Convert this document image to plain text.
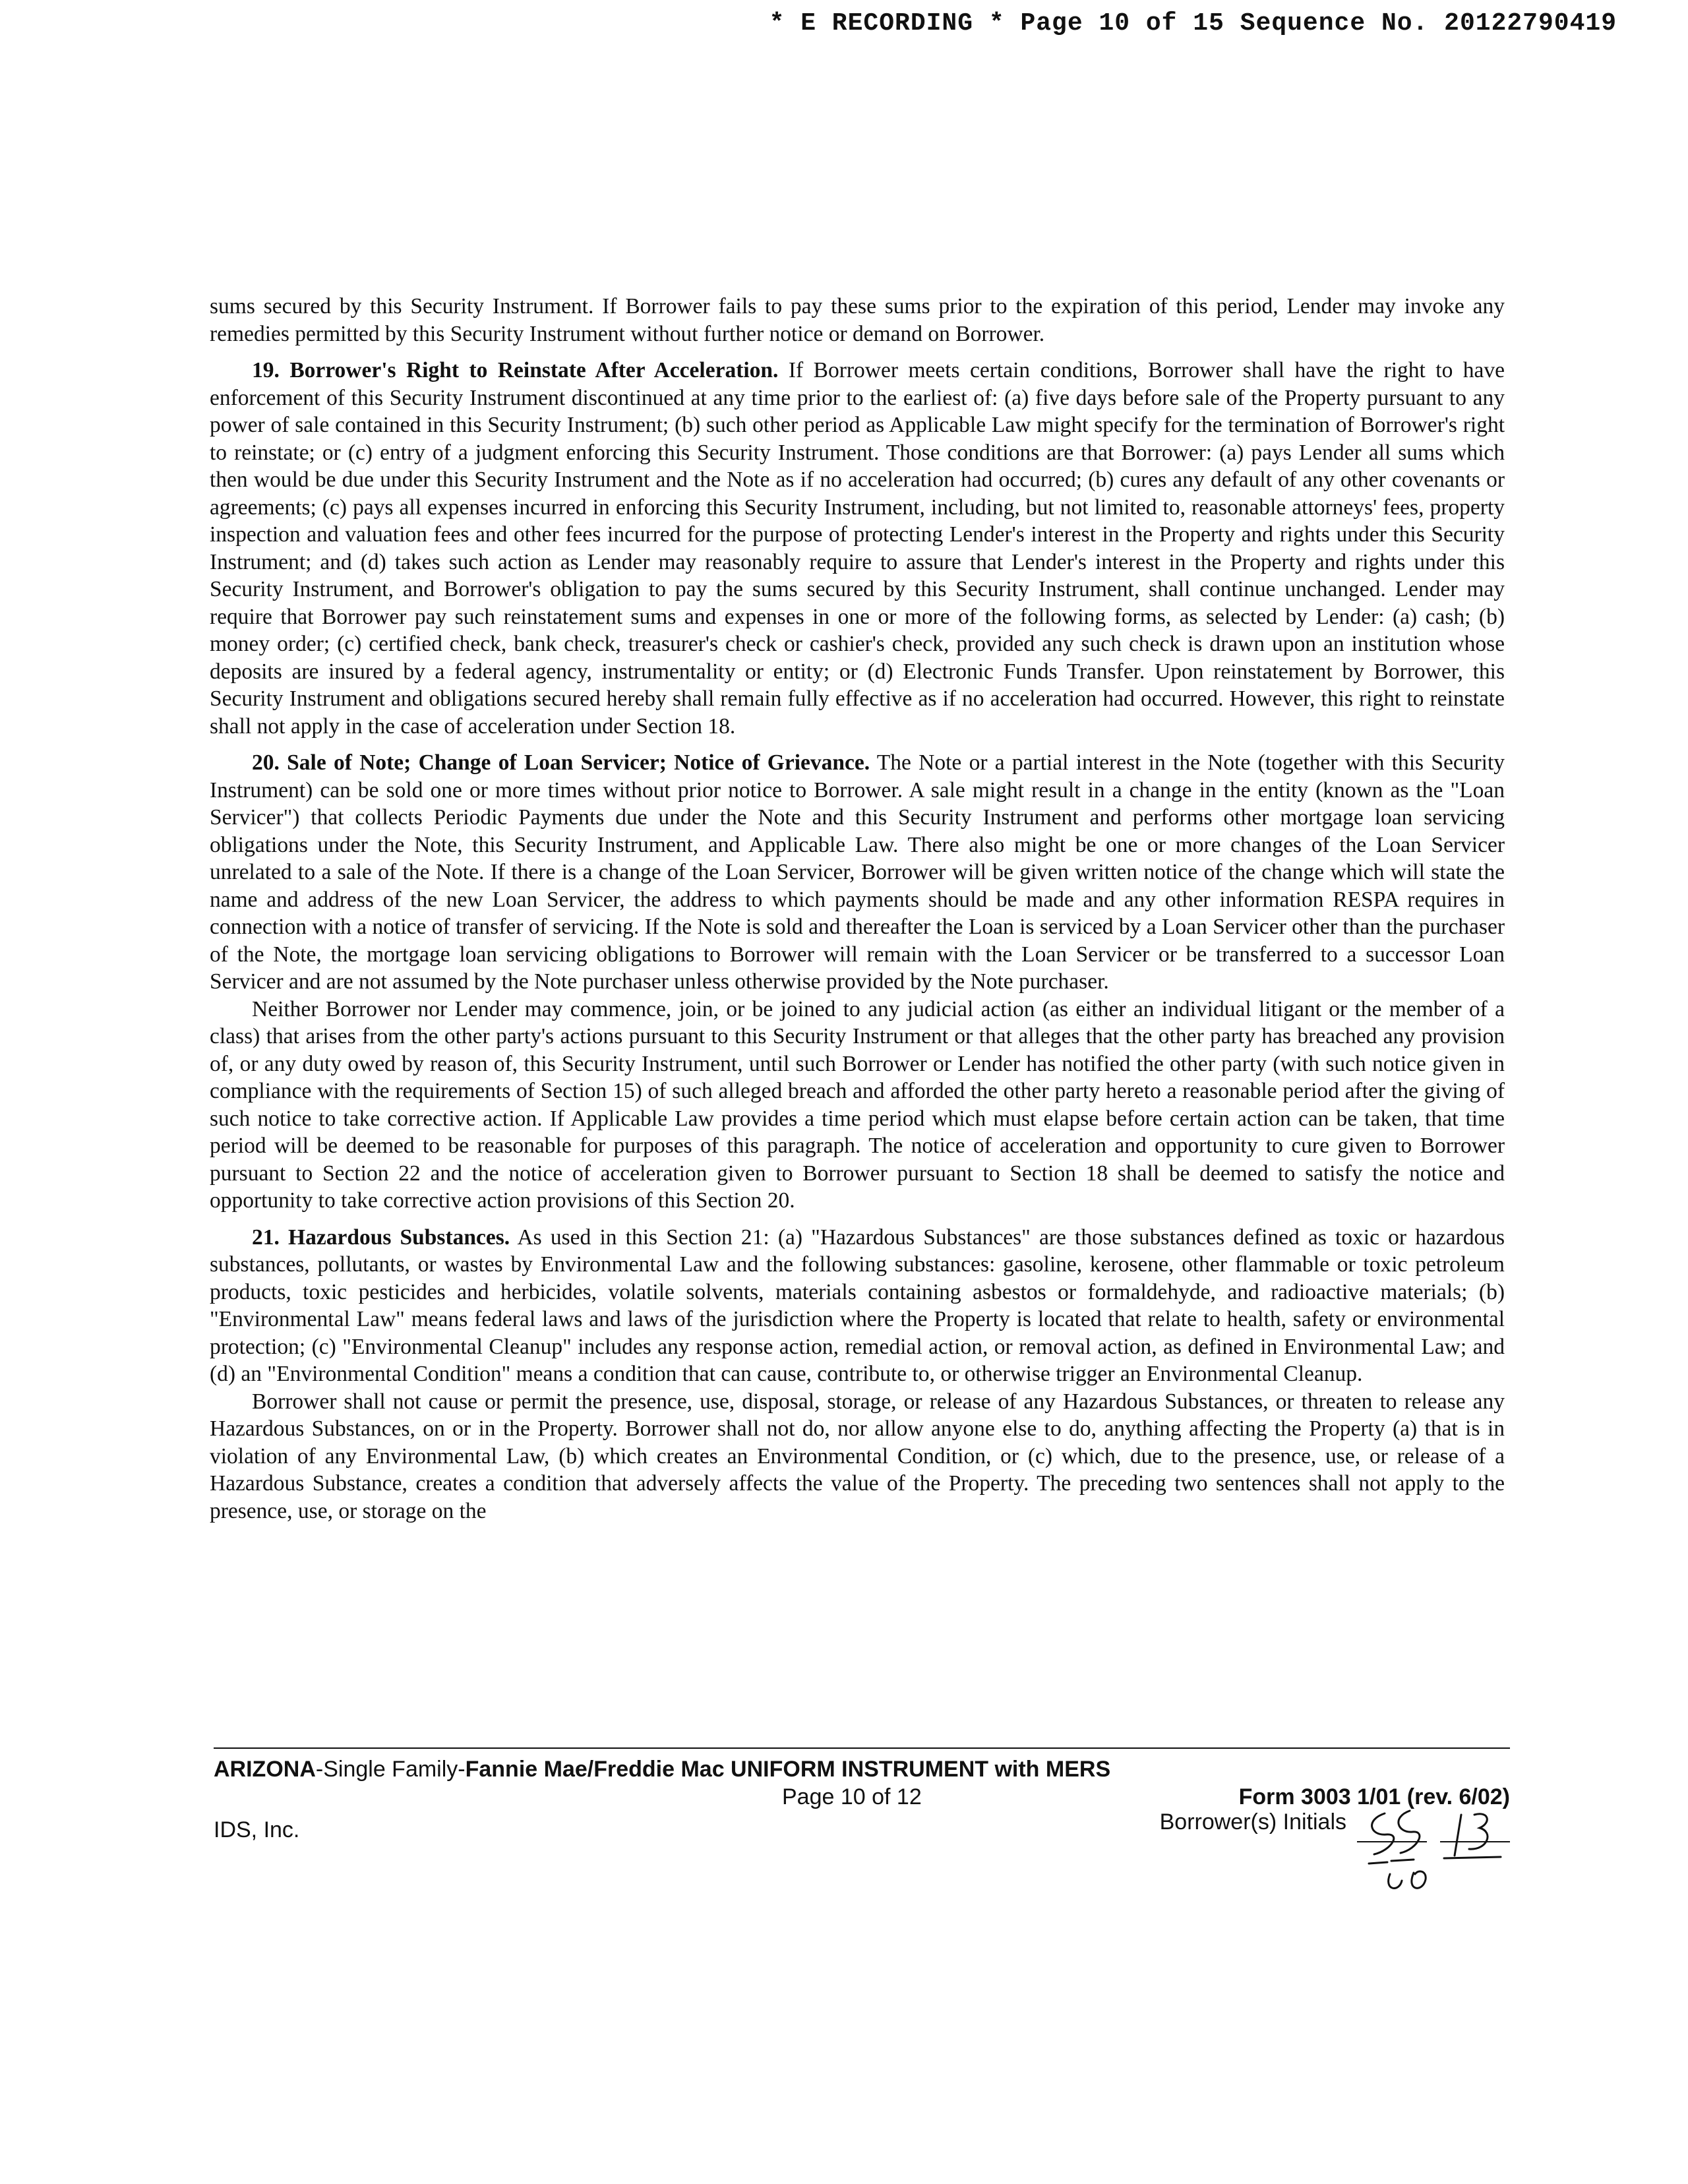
* E RECORDING * Page 10 of 15 Sequence No. 20122790419

sums secured by this Security Instrument. If Borrower fails to pay these sums prior to the expiration of this period, Lender may invoke any remedies permitted by this Security Instrument without further notice or demand on Borrower.

19. Borrower's Right to Reinstate After Acceleration. If Borrower meets certain conditions, Borrower shall have the right to have enforcement of this Security Instrument discontinued at any time prior to the earliest of: (a) five days before sale of the Property pursuant to any power of sale contained in this Security Instrument; (b) such other period as Applicable Law might specify for the termination of Borrower's right to reinstate; or (c) entry of a judgment enforcing this Security Instrument. Those conditions are that Borrower: (a) pays Lender all sums which then would be due under this Security Instrument and the Note as if no acceleration had occurred; (b) cures any default of any other covenants or agreements; (c) pays all expenses incurred in enforcing this Security Instrument, including, but not limited to, reasonable attorneys' fees, property inspection and valuation fees and other fees incurred for the purpose of protecting Lender's interest in the Property and rights under this Security Instrument; and (d) takes such action as Lender may reasonably require to assure that Lender's interest in the Property and rights under this Security Instrument, and Borrower's obligation to pay the sums secured by this Security Instrument, shall continue unchanged. Lender may require that Borrower pay such reinstatement sums and expenses in one or more of the following forms, as selected by Lender: (a) cash; (b) money order; (c) certified check, bank check, treasurer's check or cashier's check, provided any such check is drawn upon an institution whose deposits are insured by a federal agency, instrumentality or entity; or (d) Electronic Funds Transfer. Upon reinstatement by Borrower, this Security Instrument and obligations secured hereby shall remain fully effective as if no acceleration had occurred. However, this right to reinstate shall not apply in the case of acceleration under Section 18.

20. Sale of Note; Change of Loan Servicer; Notice of Grievance. The Note or a partial interest in the Note (together with this Security Instrument) can be sold one or more times without prior notice to Borrower. A sale might result in a change in the entity (known as the "Loan Servicer") that collects Periodic Payments due under the Note and this Security Instrument and performs other mortgage loan servicing obligations under the Note, this Security Instrument, and Applicable Law. There also might be one or more changes of the Loan Servicer unrelated to a sale of the Note. If there is a change of the Loan Servicer, Borrower will be given written notice of the change which will state the name and address of the new Loan Servicer, the address to which payments should be made and any other information RESPA requires in connection with a notice of transfer of servicing. If the Note is sold and thereafter the Loan is serviced by a Loan Servicer other than the purchaser of the Note, the mortgage loan servicing obligations to Borrower will remain with the Loan Servicer or be transferred to a successor Loan Servicer and are not assumed by the Note purchaser unless otherwise provided by the Note purchaser.

Neither Borrower nor Lender may commence, join, or be joined to any judicial action (as either an individual litigant or the member of a class) that arises from the other party's actions pursuant to this Security Instrument or that alleges that the other party has breached any provision of, or any duty owed by reason of, this Security Instrument, until such Borrower or Lender has notified the other party (with such notice given in compliance with the requirements of Section 15) of such alleged breach and afforded the other party hereto a reasonable period after the giving of such notice to take corrective action. If Applicable Law provides a time period which must elapse before certain action can be taken, that time period will be deemed to be reasonable for purposes of this paragraph. The notice of acceleration and opportunity to cure given to Borrower pursuant to Section 22 and the notice of acceleration given to Borrower pursuant to Section 18 shall be deemed to satisfy the notice and opportunity to take corrective action provisions of this Section 20.

21. Hazardous Substances. As used in this Section 21: (a) "Hazardous Substances" are those substances defined as toxic or hazardous substances, pollutants, or wastes by Environmental Law and the following substances: gasoline, kerosene, other flammable or toxic petroleum products, toxic pesticides and herbicides, volatile solvents, materials containing asbestos or formaldehyde, and radioactive materials; (b) "Environmental Law" means federal laws and laws of the jurisdiction where the Property is located that relate to health, safety or environmental protection; (c) "Environmental Cleanup" includes any response action, remedial action, or removal action, as defined in Environmental Law; and (d) an "Environmental Condition" means a condition that can cause, contribute to, or otherwise trigger an Environmental Cleanup.

Borrower shall not cause or permit the presence, use, disposal, storage, or release of any Hazardous Substances, or threaten to release any Hazardous Substances, on or in the Property. Borrower shall not do, nor allow anyone else to do, anything affecting the Property (a) that is in violation of any Environmental Law, (b) which creates an Environmental Condition, or (c) which, due to the presence, use, or release of a Hazardous Substance, creates a condition that adversely affects the value of the Property. The preceding two sentences shall not apply to the presence, use, or storage on the

ARIZONA-Single Family-Fannie Mae/Freddie Mac UNIFORM INSTRUMENT with MERS
Page 10 of 12	Form 3003 1/01 (rev. 6/02)
IDS, Inc.	Borrower(s) Initials
